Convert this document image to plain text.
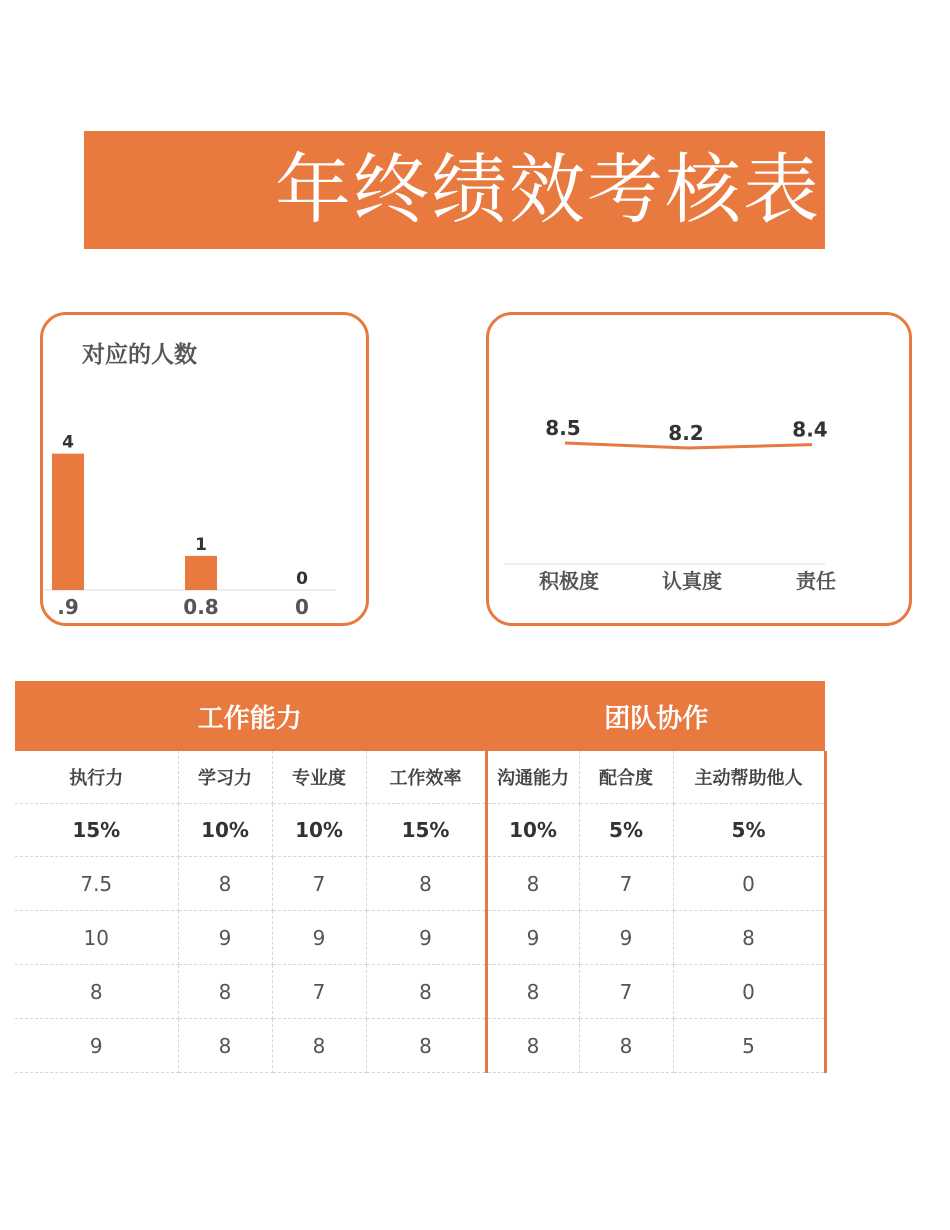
年终绩效考核表
对应的人数
4
.9
1
0.8
0
0
8.5
积极度
8.2
认真度
8.4
责任
工作能力				团队协作		
执行力	学习力	专业度	工作效率	沟通能力	配合度	主动帮助他人
15%	10%	10%	15%	10%	5%	5%
7.5	8	7	8	8	7	0
10	9	9	9	9	9	8
8	8	7	8	8	7	0
9	8	8	8	8	8	5
